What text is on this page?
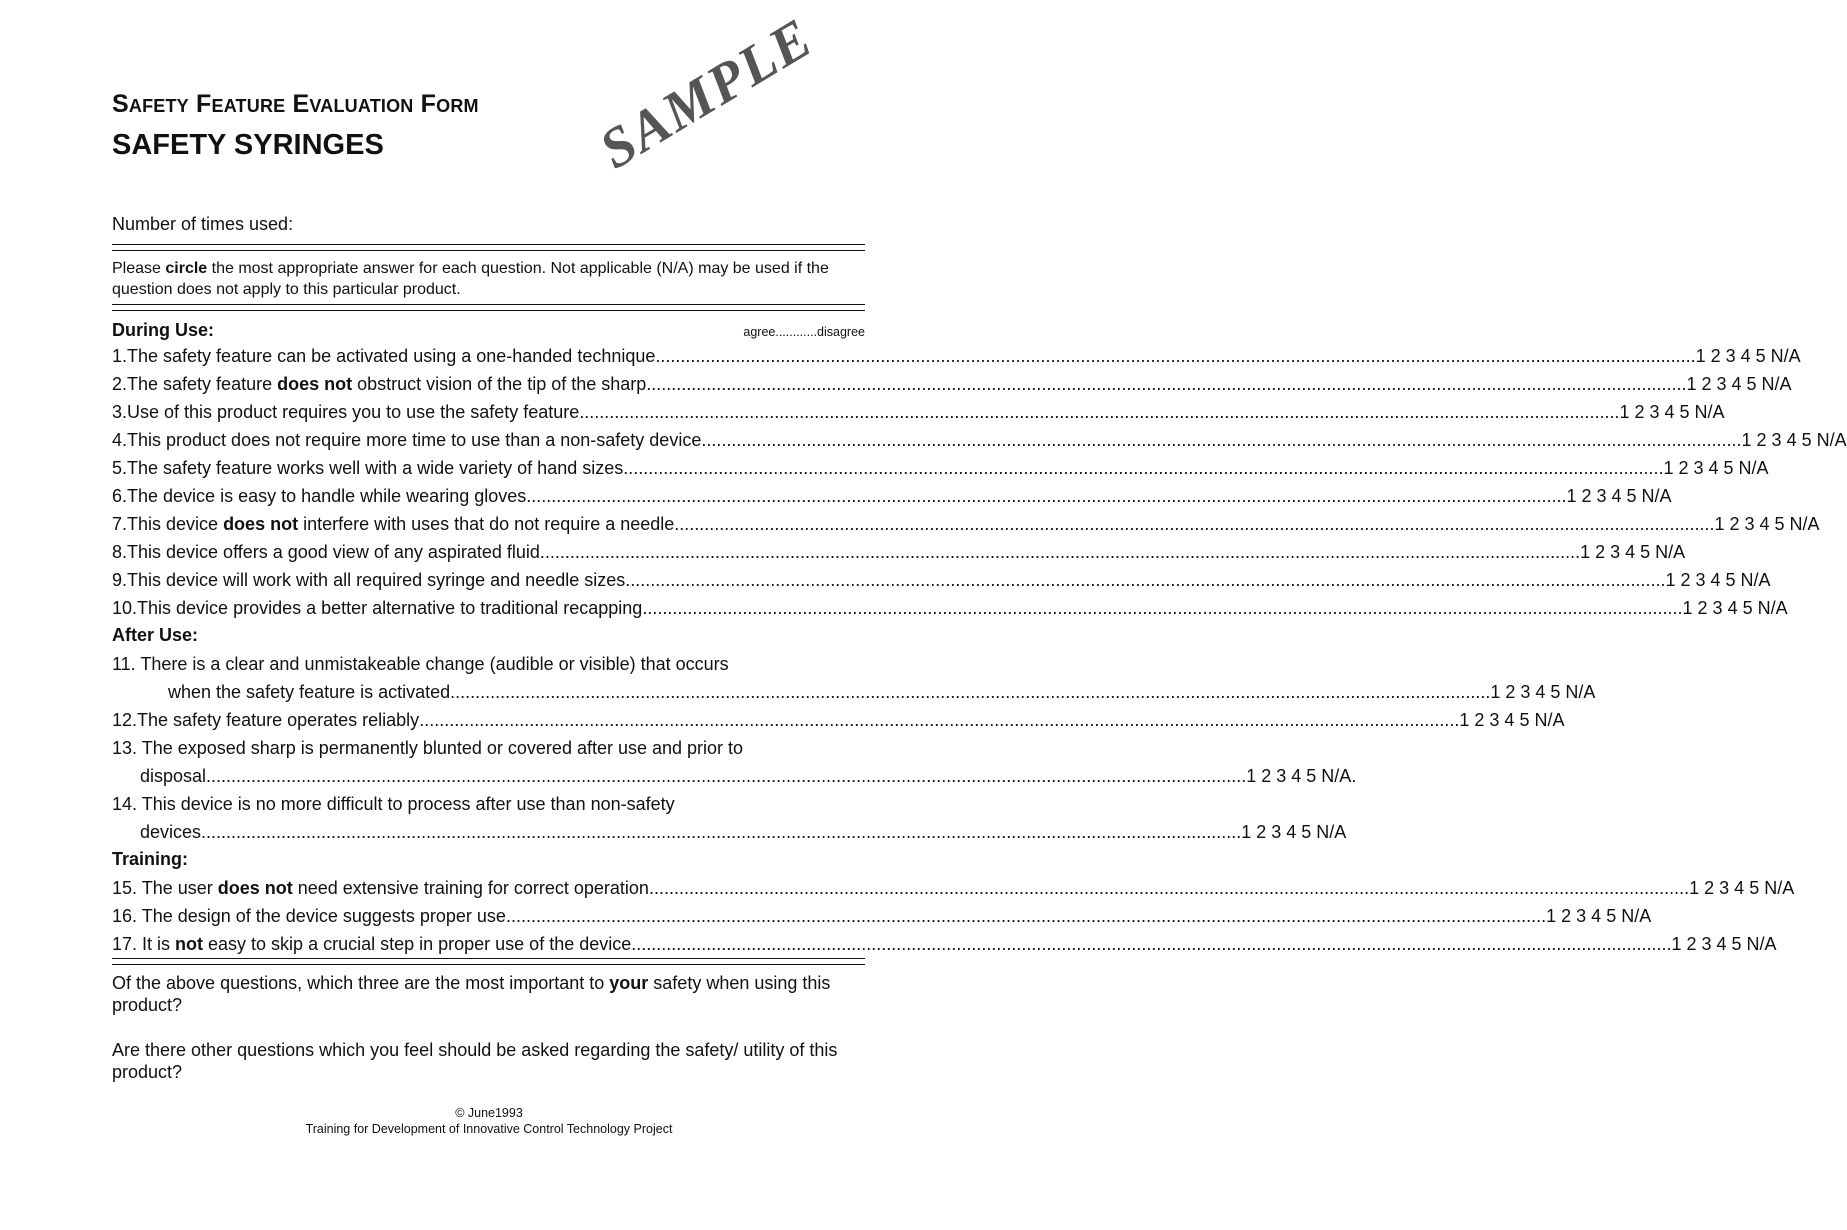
Safety Feature Evaluation Form
SAFETY SYRINGES	SAMPLE
Number of times used:
Please circle the most appropriate answer for each question. Not applicable (N/A) may be used if the question does not apply to this particular product.
During Use:	agree............disagree
1. The safety feature can be activated using a one-handed technique .....	1 2 3 4 5 N/A
2. The safety feature does not obstruct vision of the tip of the sharp .....	1 2 3 4 5 N/A
3. Use of this product requires you to use the safety feature .....	1 2 3 4 5 N/A
4. This product does not require more time to use than a non-safety device .....	1 2 3 4 5 N/A
5. The safety feature works well with a wide variety of hand sizes .....	1 2 3 4 5 N/A
6. The device is easy to handle while wearing gloves .....	1 2 3 4 5 N/A
7. This device does not interfere with uses that do not require a needle .....	1 2 3 4 5 N/A
8. This device offers a good view of any aspirated fluid .....	1 2 3 4 5 N/A
9. This device will work with all required syringe and needle sizes .....	1 2 3 4 5 N/A
10. This device provides a better alternative to traditional recapping .....	1 2 3 4 5 N/A
After Use:
11. There is a clear and unmistakeable change (audible or visible) that occurs
when the safety feature is activated .....	1 2 3 4 5 N/A
12.The safety feature operates reliably .....	1 2 3 4 5 N/A
13. The exposed sharp is permanently blunted or covered after use and prior to
disposal .....	1 2 3 4 5 N/A.
14. This device is no more difficult to process after use than non-safety
devices .....	1 2 3 4 5 N/A
Training:
15. The user does not need extensive training for correct operation .....	1 2 3 4 5 N/A
16. The design of the device suggests proper use .....	1 2 3 4 5 N/A
17. It is not easy to skip a crucial step in proper use of the device .....	1 2 3 4 5 N/A
Of the above questions, which three are the most important to your safety when using this product?
Are there other questions which you feel should be asked regarding the safety/ utility of this product?
© June1993
Training for Development of Innovative Control Technology Project
